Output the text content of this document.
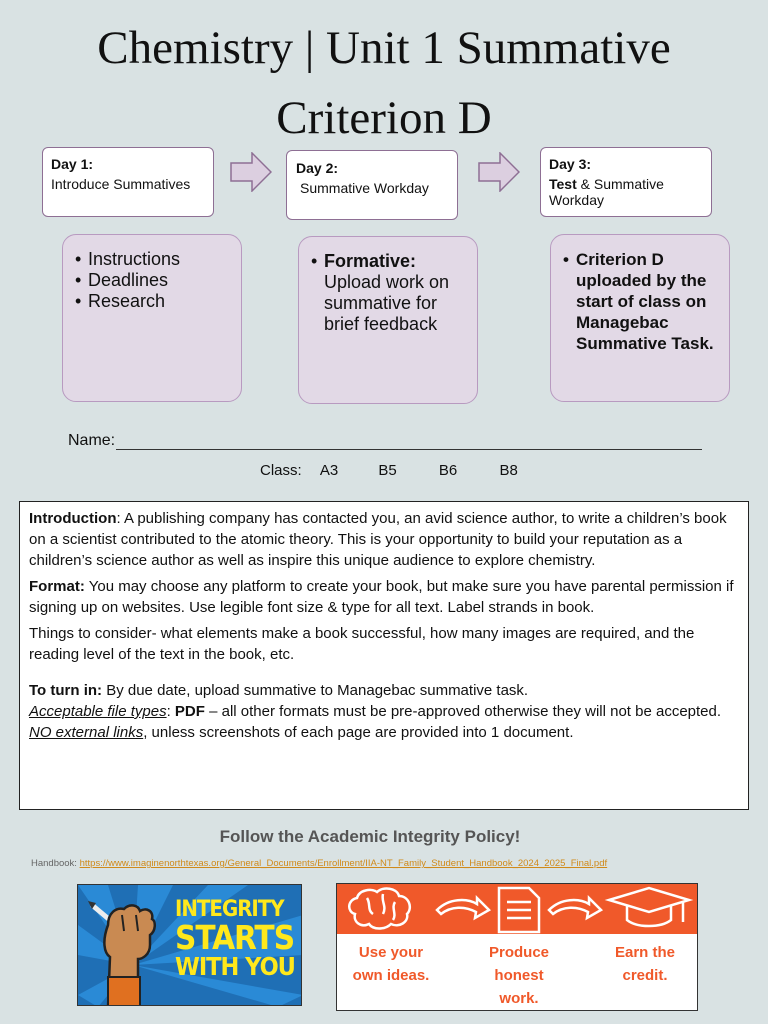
Chemistry | Unit 1 Summative
Criterion D
Day 1:
Introduce Summatives
Day 2:
Summative Workday
Day 3:
Test & Summative Workday
• Instructions
• Deadlines
• Research
• Formative:
Upload work on summative for brief feedback
• Criterion D uploaded by the start of class on Managebac Summative Task.
Name:
Class: A3	B5	B6	B8

Introduction: A publishing company has contacted you, an avid science author, to write a children’s book on a scientist contributed to the atomic theory. This is your opportunity to build your reputation as a children’s science author as well as inspire this unique audience to explore chemistry.

Format: You may choose any platform to create your book, but make sure you have parental permission if signing up on websites. Use legible font size & type for all text. Label strands in book.

Things to consider- what elements make a book successful, how many images are required, and the reading level of the text in the book, etc.

To turn in: By due date, upload summative to Managebac summative task.

Acceptable file types: PDF – all other formats must be pre-approved otherwise they will not be accepted. NO external links, unless screenshots of each page are provided into 1 document.

Follow the Academic Integrity Policy!
Handbook: https://www.imaginenorthtexas.org/General_Documents/Enrollment/IIA-NT_Family_Student_Handbook_2024_2025_Final.pdf
INTEGRITY
STARTS
WITH YOU	Use your
own ideas.
Produce
honest
work.
Earn the
credit.
